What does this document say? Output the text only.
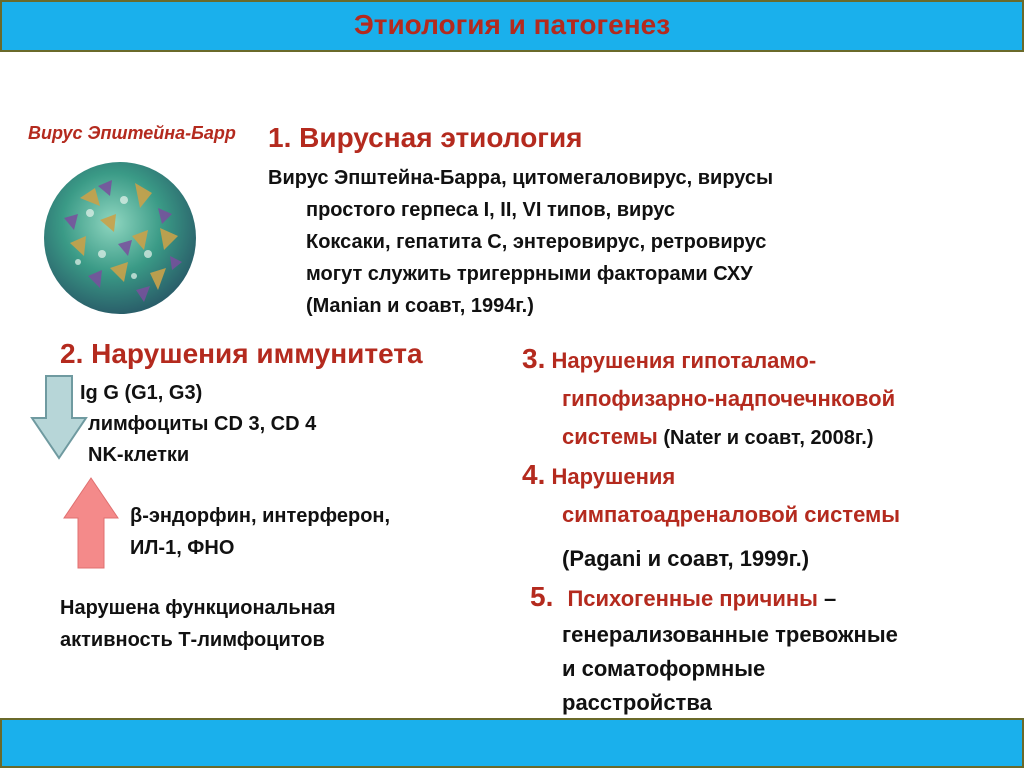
Этиология и патогенез
Вирус Эпштейна-Барр 1. Вирусная этиология
Вирус Эпштейна-Барра, цитомегаловирус, вирусы
простого герпеса I, II, VI типов, вирус
Коксаки, гепатита С, энтеровирус, ретровирус
могут служить тригеррными факторами СХУ
(Manian и соавт, 1994г.)
2. Нарушения иммунитета
Ig G (G1, G3)
лимфоциты CD 3, CD 4
NK-клетки
β-эндорфин, интерферон,
ИЛ-1, ФНО
Нарушена функциональная
активность Т-лимфоцитов
3. Нарушения гипоталамо-
гипофизарно-надпочечнковой
системы (Nater и соавт, 2008г.)
4. Нарушения
симпатоадреналовой системы
(Pagani и соавт, 1999г.)
5. Психогенные причины –
генерализованные тревожные
и соматоформные
расстройства
